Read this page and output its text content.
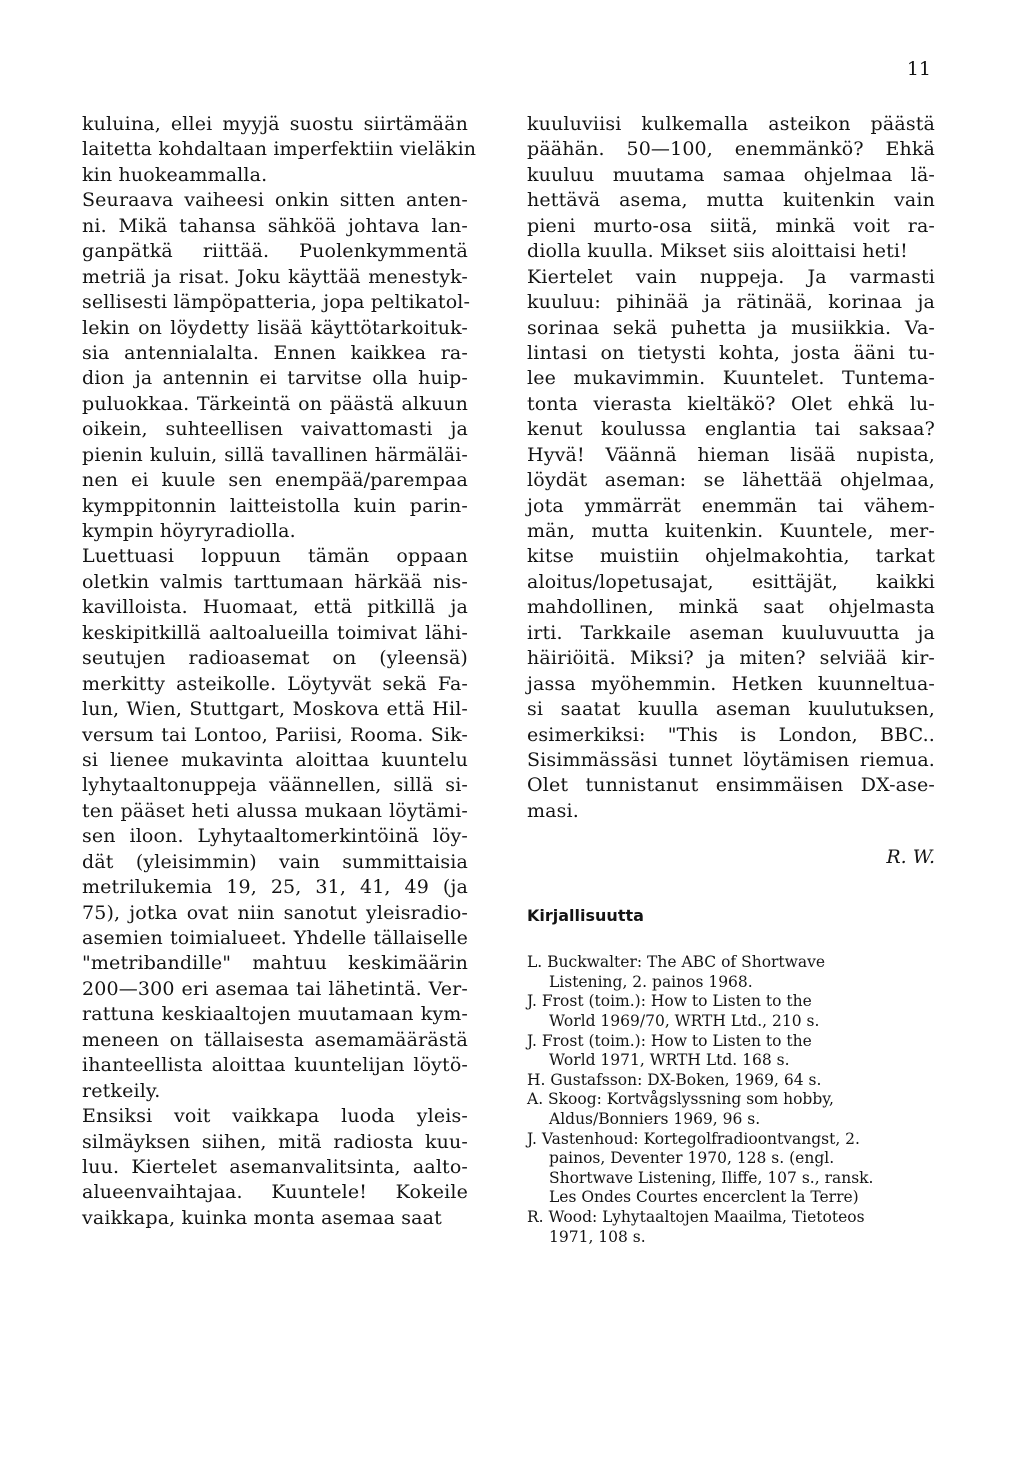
11
kuluina, ellei myyjä suostu siirtämään
laitetta kohdaltaan imperfektiin vieläkin
kin huokeammalla.
Seuraava vaiheesi onkin sitten anten-
ni. Mikä tahansa sähköä johtava lan-
ganpätkä riittää. Puolenkymmentä
metriä ja risat. Joku käyttää menestyk-
sellisesti lämpöpatteria, jopa peltikatol-
lekin on löydetty lisää käyttötarkoituk-
sia antennialalta. Ennen kaikkea ra-
dion ja antennin ei tarvitse olla huip-
puluokkaa. Tärkeintä on päästä alkuun
oikein, suhteellisen vaivattomasti ja
pienin kuluin, sillä tavallinen härmäläi-
nen ei kuule sen enempää/parempaa
kymppitonnin laitteistolla kuin parin-
kympin höyryradiolla.
Luettuasi loppuun tämän oppaan
oletkin valmis tarttumaan härkää nis-
kavilloista. Huomaat, että pitkillä ja
keskipitkillä aaltoalueilla toimivat lähi-
seutujen radioasemat on (yleensä)
merkitty asteikolle. Löytyvät sekä Fa-
lun, Wien, Stuttgart, Moskova että Hil-
versum tai Lontoo, Pariisi, Rooma. Sik-
si lienee mukavinta aloittaa kuuntelu
lyhytaaltonuppeja väännellen, sillä si-
ten pääset heti alussa mukaan löytämi-
sen iloon. Lyhytaaltomerkintöinä löy-
dät (yleisimmin) vain summittaisia
metrilukemia 19, 25, 31, 41, 49 (ja
75), jotka ovat niin sanotut yleisradio-
asemien toimialueet. Yhdelle tällaiselle
"metribandille" mahtuu keskimäärin
200—300 eri asemaa tai lähetintä. Ver-
rattuna keskiaaltojen muutamaan kym-
meneen on tällaisesta asemamäärästä
ihanteellista aloittaa kuuntelijan löytö-
retkeily.
Ensiksi voit vaikkapa luoda yleis-
silmäyksen siihen, mitä radiosta kuu-
luu. Kiertelet asemanvalitsinta, aalto-
alueenvaihtajaa. Kuuntele! Kokeile
vaikkapa, kuinka monta asemaa saat
kuuluviisi kulkemalla asteikon päästä
päähän. 50—100, enemmänkö? Ehkä
kuuluu muutama samaa ohjelmaa lä-
hettävä asema, mutta kuitenkin vain
pieni murto-osa siitä, minkä voit ra-
diolla kuulla. Mikset siis aloittaisi heti!
Kiertelet vain nuppeja. Ja varmasti
kuuluu: pihinää ja rätinää, korinaa ja
sorinaa sekä puhetta ja musiikkia. Va-
lintasi on tietysti kohta, josta ääni tu-
lee mukavimmin. Kuuntelet. Tuntema-
tonta vierasta kieltäkö? Olet ehkä lu-
kenut koulussa englantia tai saksaa?
Hyvä! Väännä hieman lisää nupista,
löydät aseman: se lähettää ohjelmaa,
jota ymmärrät enemmän tai vähem-
män, mutta kuitenkin. Kuuntele, mer-
kitse muistiin ohjelmakohtia, tarkat
aloitus/lopetusajat, esittäjät, kaikki
mahdollinen, minkä saat ohjelmasta
irti. Tarkkaile aseman kuuluvuutta ja
häiriöitä. Miksi? ja miten? selviää kir-
jassa myöhemmin. Hetken kuunneltua-
si saatat kuulla aseman kuulutuksen,
esimerkiksi: "This is London, BBC..
Sisimmässäsi tunnet löytämisen riemua.
Olet tunnistanut ensimmäisen DX-ase-
masi.
R. W.
Kirjallisuutta
L. Buckwalter: The ABC of Shortwave
Listening, 2. painos 1968.
J. Frost (toim.): How to Listen to the
World 1969/70, WRTH Ltd., 210 s.
J. Frost (toim.): How to Listen to the
World 1971, WRTH Ltd. 168 s.
H. Gustafsson: DX-Boken, 1969, 64 s.
A. Skoog: Kortvågslyssning som hobby,
Aldus/Bonniers 1969, 96 s.
J. Vastenhoud: Kortegolfradioontvangst, 2.
painos, Deventer 1970, 128 s. (engl.
Shortwave Listening, Iliffe, 107 s., ransk.
Les Ondes Courtes encerclent la Terre)
R. Wood: Lyhytaaltojen Maailma, Tietoteos
1971, 108 s.
